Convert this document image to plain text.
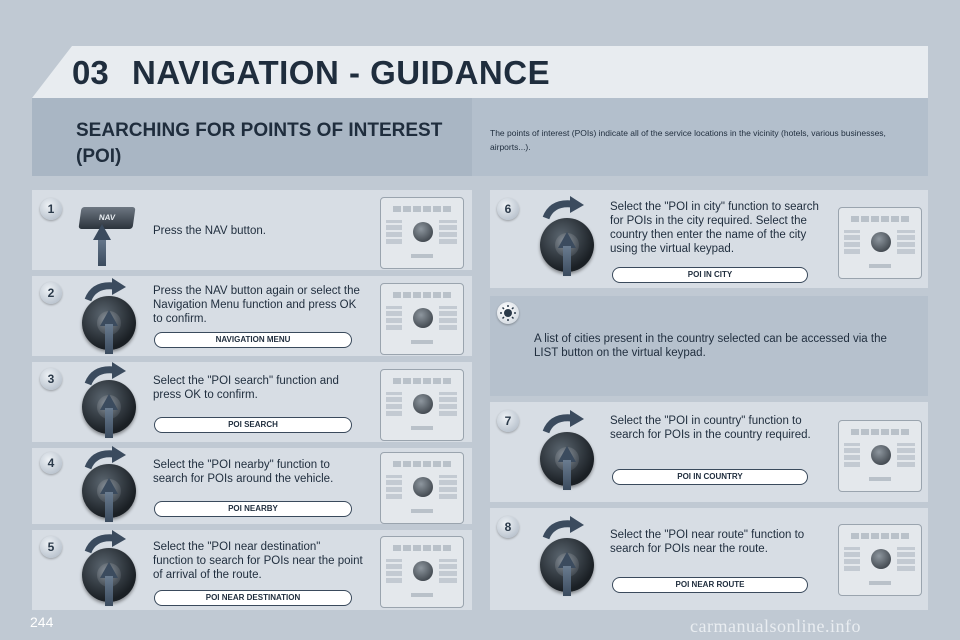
03 NAVIGATION - GUIDANCE
SEARCHING FOR POINTS OF INTEREST (POI)
The points of interest (POIs) indicate all of the service locations in the vicinity (hotels, various businesses, airports...).
1
NAV
Press the NAV button.
2	Press the NAV button again or select the Navigation Menu function and press OK to confirm.
NAVIGATION MENU
3	Select the "POI search" function and press OK to confirm.
POI SEARCH
4	Select the "POI nearby" function to search for POIs around the vehicle.
POI NEARBY
5	Select the "POI near destination" function to search for POIs near the point of arrival of the route.
POI NEAR DESTINATION
6	Select the "POI in city" function to search for POIs in the city required. Select the country then enter the name of the city using the virtual keypad.
POI IN CITY
A list of cities present in the country selected can be accessed via the LIST button on the virtual keypad.
7	Select the "POI in country" function to search for POIs in the country required.
POI IN COUNTRY
8
Select the "POI near route" function to search for POIs near the route.
POI NEAR ROUTE
244	carmanualsonline.info
